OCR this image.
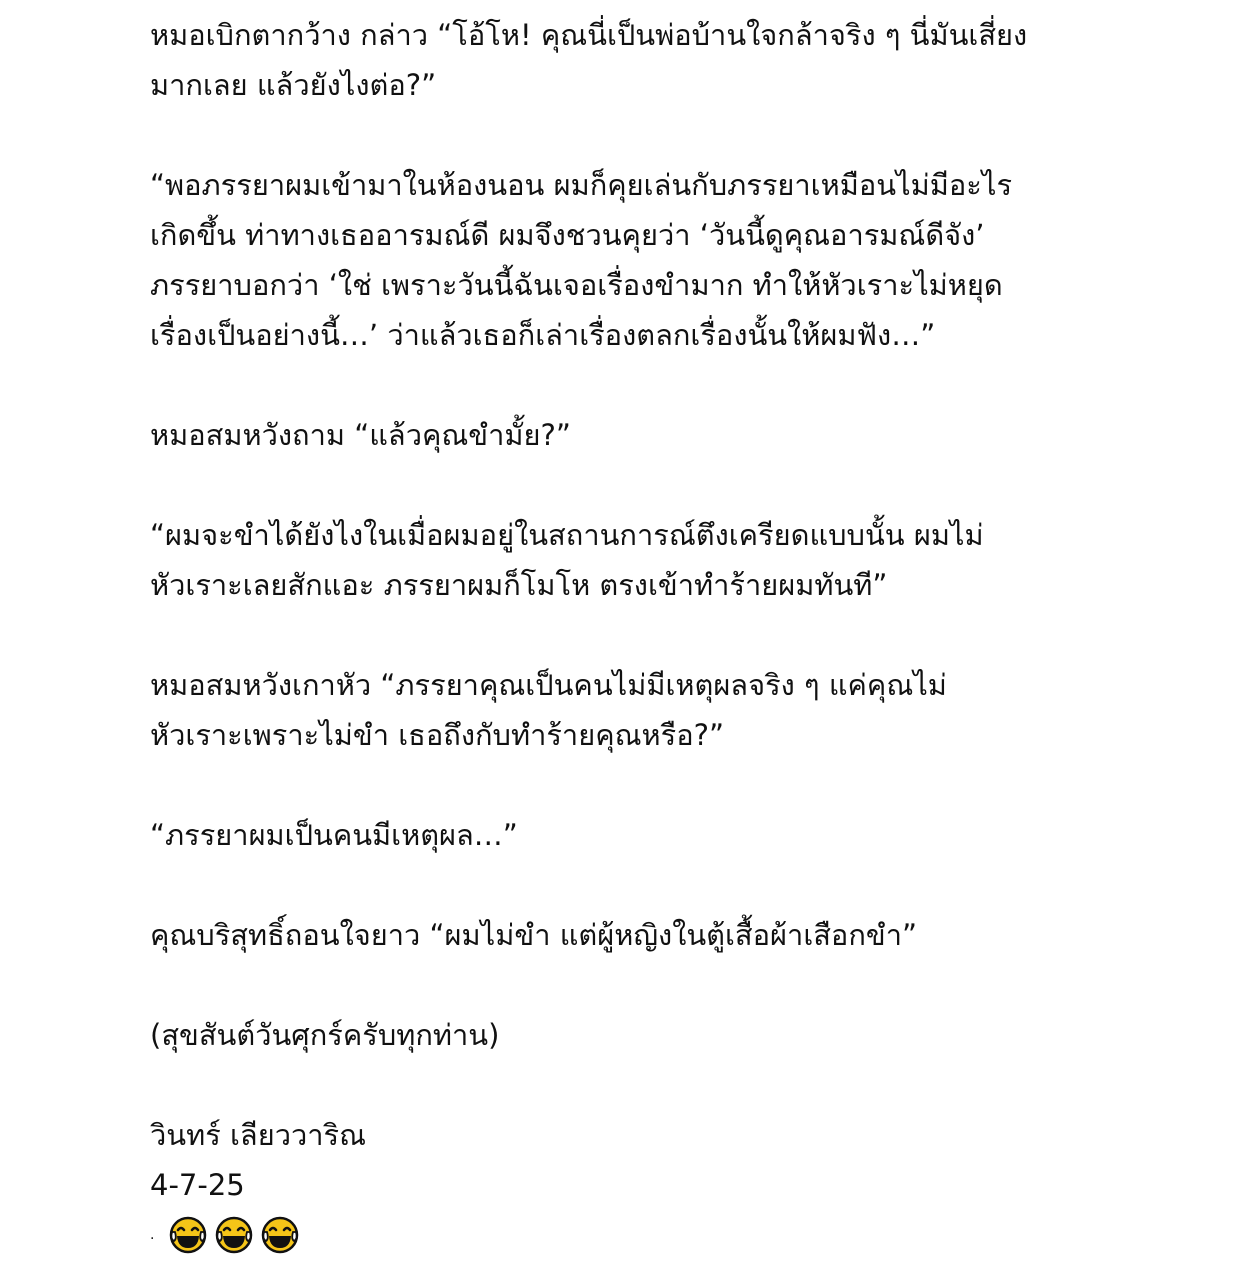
หมอเบิกตากว้าง กล่าว “โอ้โห! คุณนี่เป็นพ่อบ้านใจกล้าจริง ๆ นี่มันเสี่ยง

มากเลย แล้วยังไงต่อ?”

“พอภรรยาผมเข้ามาในห้องนอน ผมก็คุยเล่นกับภรรยาเหมือนไม่มีอะไร

เกิดขึ้น ท่าทางเธออารมณ์ดี ผมจึงชวนคุยว่า ‘วันนี้ดูคุณอารมณ์ดีจัง’

ภรรยาบอกว่า ‘ใช่ เพราะวันนี้ฉันเจอเรื่องขำมาก ทำให้หัวเราะไม่หยุด

เรื่องเป็นอย่างนี้…’ ว่าแล้วเธอก็เล่าเรื่องตลกเรื่องนั้นให้ผมฟัง…”

หมอสมหวังถาม “แล้วคุณขำมั้ย?”

“ผมจะขำได้ยังไงในเมื่อผมอยู่ในสถานการณ์ตึงเครียดแบบนั้น ผมไม่

หัวเราะเลยสักแอะ ภรรยาผมก็โมโห ตรงเข้าทำร้ายผมทันที”

หมอสมหวังเกาหัว “ภรรยาคุณเป็นคนไม่มีเหตุผลจริง ๆ แค่คุณไม่

หัวเราะเพราะไม่ขำ เธอถึงกับทำร้ายคุณหรือ?”

“ภรรยาผมเป็นคนมีเหตุผล…”

คุณบริสุทธิ์ถอนใจยาว “ผมไม่ขำ แต่ผู้หญิงในตู้เสื้อผ้าเสือกขำ”

(สุขสันต์วันศุกร์ครับทุกท่าน)

วินทร์ เลียววาริณ

4-7-25

.
